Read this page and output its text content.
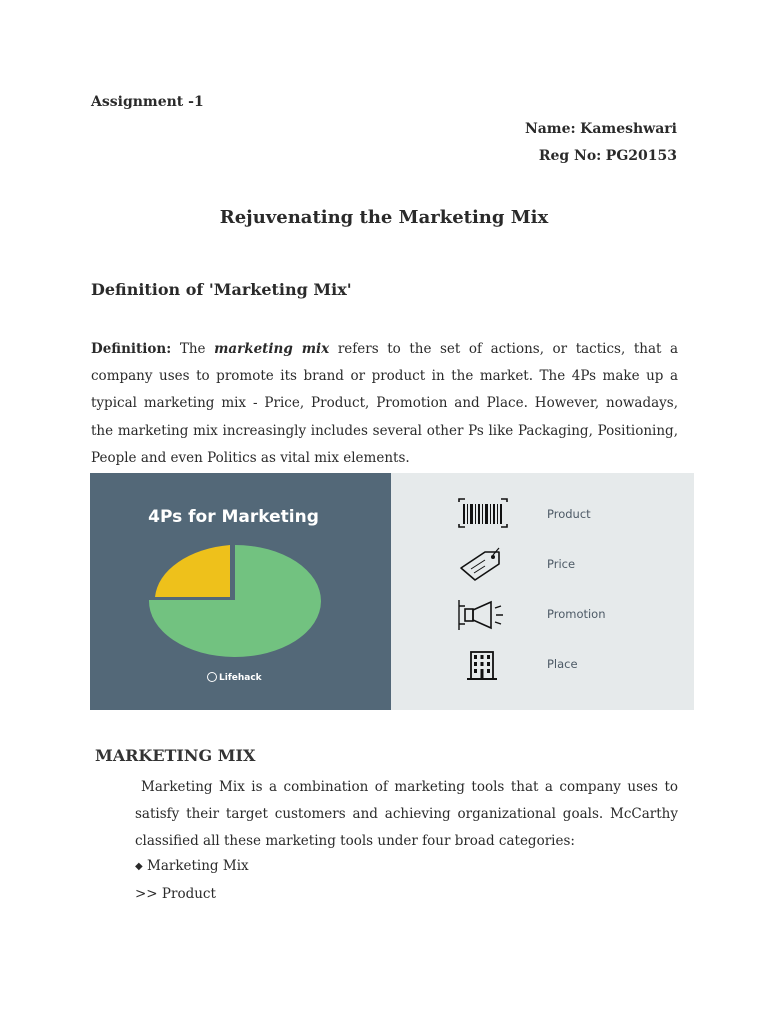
Assignment -1
Name: Kameshwari
Reg No: PG20153
Rejuvenating the Marketing Mix
Definition of 'Marketing Mix'
Definition: The marketing mix refers to the set of actions, or tactics, that a company uses to promote its brand or product in the market. The 4Ps make up a typical marketing mix - Price, Product, Promotion and Place. However, nowadays, the marketing mix increasingly includes several other Ps like Packaging, Positioning, People and even Politics as vital mix elements.
4Ps for Marketing
Lifehack
Product
Price
Promotion
Place
MARKETING MIX
Marketing Mix is a combination of marketing tools that a company uses to satisfy their target customers and achieving organizational goals. McCarthy classified all these marketing tools under four broad categories:
◆ Marketing Mix
>> Product
